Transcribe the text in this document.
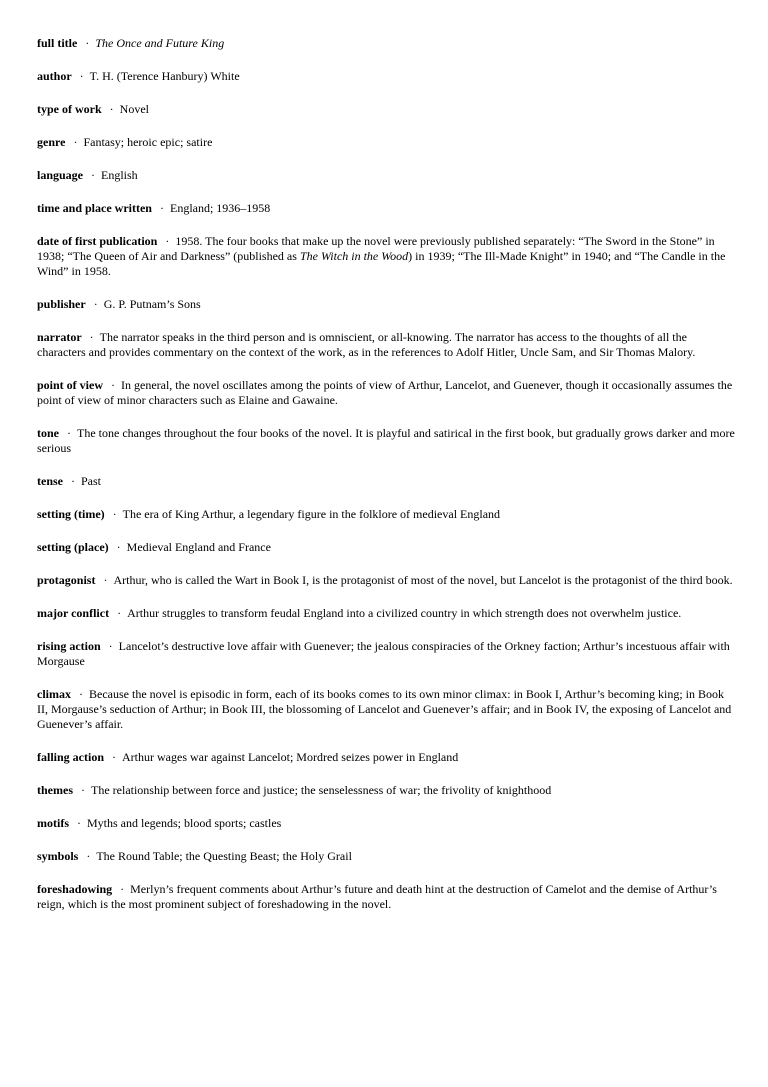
full title · The Once and Future King

author · T. H. (Terence Hanbury) White

type of work · Novel

genre · Fantasy; heroic epic; satire

language · English

time and place written · England; 1936–1958

date of first publication · 1958. The four books that make up the novel were previously published separately: “The Sword in the Stone” in 1938; “The Queen of Air and Darkness” (published as The Witch in the Wood) in 1939; “The Ill-Made Knight” in 1940; and “The Candle in the Wind” in 1958.

publisher · G. P. Putnam’s Sons

narrator · The narrator speaks in the third person and is omniscient, or all-knowing. The narrator has access to the thoughts of all the characters and provides commentary on the context of the work, as in the references to Adolf Hitler, Uncle Sam, and Sir Thomas Malory.

point of view · In general, the novel oscillates among the points of view of Arthur, Lancelot, and Guenever, though it occasionally assumes the point of view of minor characters such as Elaine and Gawaine.

tone · The tone changes throughout the four books of the novel. It is playful and satirical in the first book, but gradually grows darker and more serious

tense · Past

setting (time) · The era of King Arthur, a legendary figure in the folklore of medieval England

setting (place) · Medieval England and France

protagonist · Arthur, who is called the Wart in Book I, is the protagonist of most of the novel, but Lancelot is the protagonist of the third book.

major conflict · Arthur struggles to transform feudal England into a civilized country in which strength does not overwhelm justice.

rising action · Lancelot’s destructive love affair with Guenever; the jealous conspiracies of the Orkney faction; Arthur’s incestuous affair with Morgause

climax · Because the novel is episodic in form, each of its books comes to its own minor climax: in Book I, Arthur’s becoming king; in Book II, Morgause’s seduction of Arthur; in Book III, the blossoming of Lancelot and Guenever’s affair; and in Book IV, the exposing of Lancelot and Guenever’s affair.

falling action · Arthur wages war against Lancelot; Mordred seizes power in England

themes · The relationship between force and justice; the senselessness of war; the frivolity of knighthood

motifs · Myths and legends; blood sports; castles

symbols · The Round Table; the Questing Beast; the Holy Grail

foreshadowing · Merlyn’s frequent comments about Arthur’s future and death hint at the destruction of Camelot and the demise of Arthur’s reign, which is the most prominent subject of foreshadowing in the novel.
